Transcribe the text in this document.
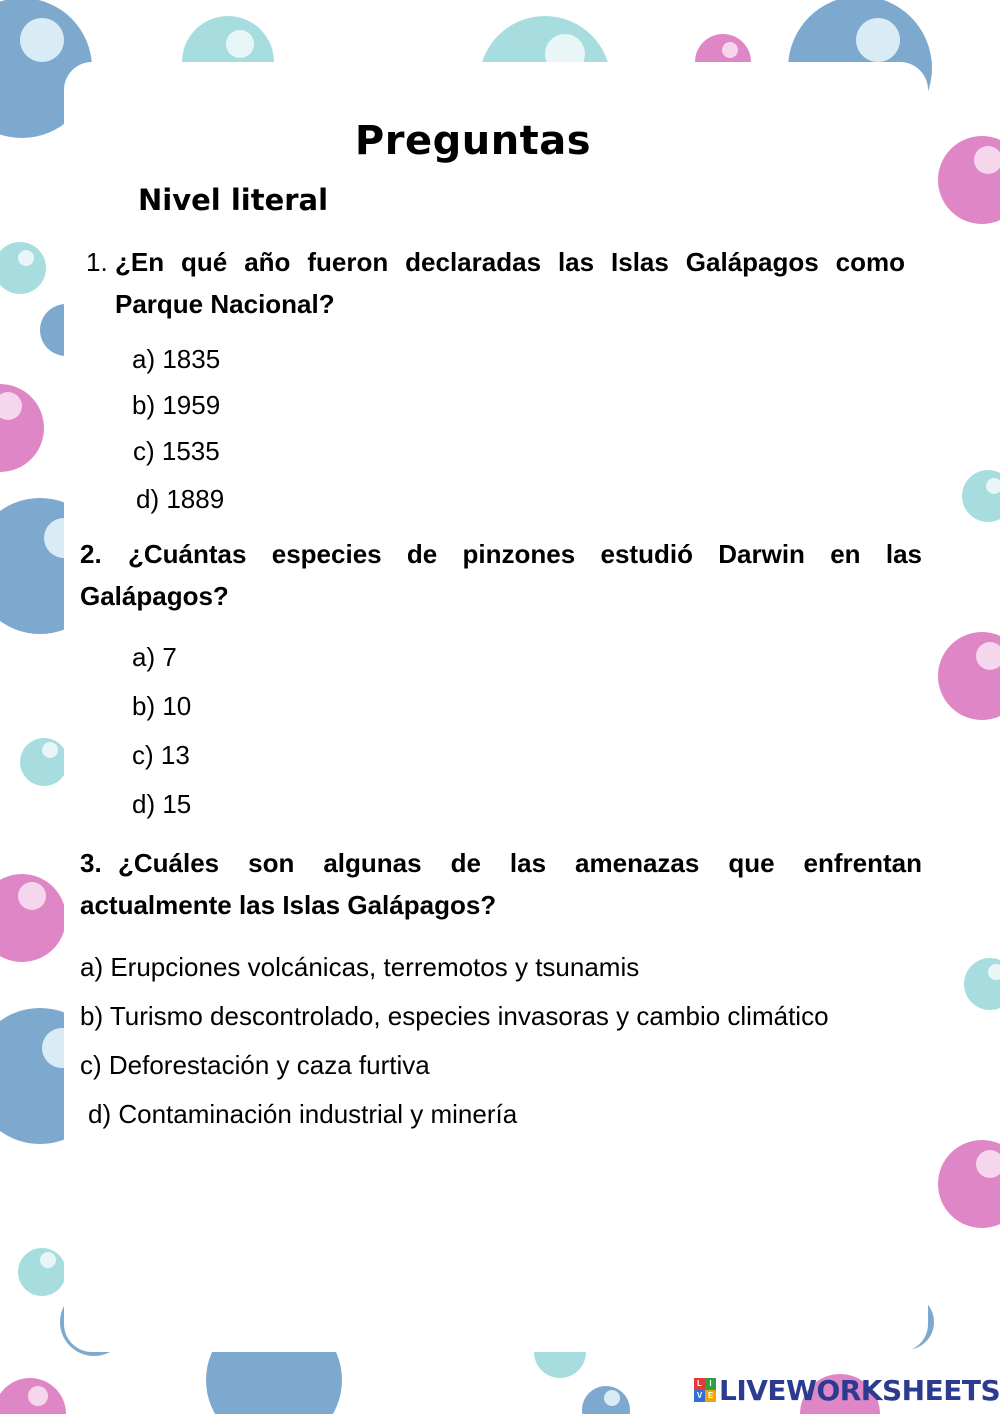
Preguntas
Nivel literal
1. ¿En qué año fueron declaradas las Islas Galápagos como Parque Nacional?
a) 1835
b) 1959
c) 1535
d) 1889
2.	¿Cuántas especies de pinzones estudió Darwin en las Galápagos?
a) 7
b) 10
c) 13
d) 15
3. ¿Cuáles son algunas de las amenazas que enfrentan actualmente las Islas Galápagos?
a) Erupciones volcánicas, terremotos y tsunamis
b) Turismo descontrolado, especies invasoras y cambio climático
c) Deforestación y caza furtiva
d) Contaminación industrial y minería
L I
V E LIVEWORKSHEETS
